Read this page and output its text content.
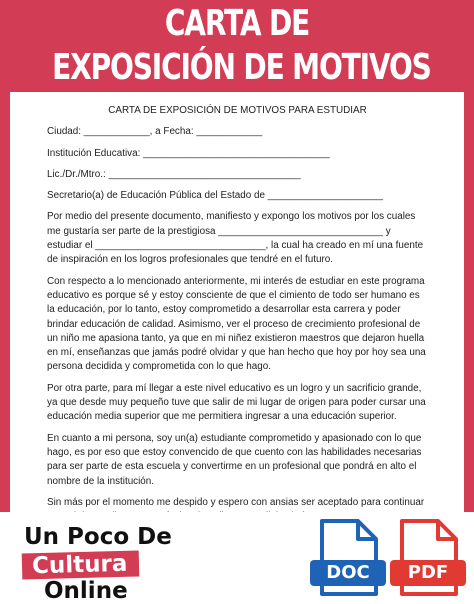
CARTA DE
EXPOSICIÓN DE MOTIVOS
CARTA DE EXPOSICIÓN DE MOTIVOS PARA ESTUDIAR
Ciudad: ____________, a Fecha: ____________
Institución Educativa: __________________________________
Lic./Dr./Mtro.: ___________________________________
Secretario(a) de Educación Pública del Estado de _____________________

Por medio del presente documento, manifiesto y expongo los motivos por los cuales me gustaría ser parte de la prestigiosa ______________________________ y estudiar el _______________________________, la cual ha creado en mí una fuente de inspiración en los logros profesionales que tendré en el futuro.

Con respecto a lo mencionado anteriormente, mi interés de estudiar en este programa educativo es porque sé y estoy consciente de que el cimiento de todo ser humano es la educación, por lo tanto, estoy comprometido a desarrollar esta carrera y poder brindar educación de calidad. Asimismo, ver el proceso de crecimiento profesional de un niño me apasiona tanto, ya que en mi niñez existieron maestros que dejaron huella en mí, enseñanzas que jamás podré olvidar y que han hecho que hoy por hoy sea una persona decidida y comprometida con lo que hago.

Por otra parte, para mí llegar a este nivel educativo es un logro y un sacrificio grande, ya que desde muy pequeño tuve que salir de mi lugar de origen para poder cursar una educación media superior que me permitiera ingresar a una educación superior.

En cuanto a mi persona, soy un(a) estudiante comprometido y apasionado con lo que hago, es por eso que estoy convencido de que cuento con las habilidades necesarias para ser parte de esta escuela y convertirme en un profesional que pondrá en alto el nombre de la institución.

Sin más por el momento me despido y espero con ansias ser aceptado para continuar

Un Poco De
Cultura
Online
DOC	PDF
